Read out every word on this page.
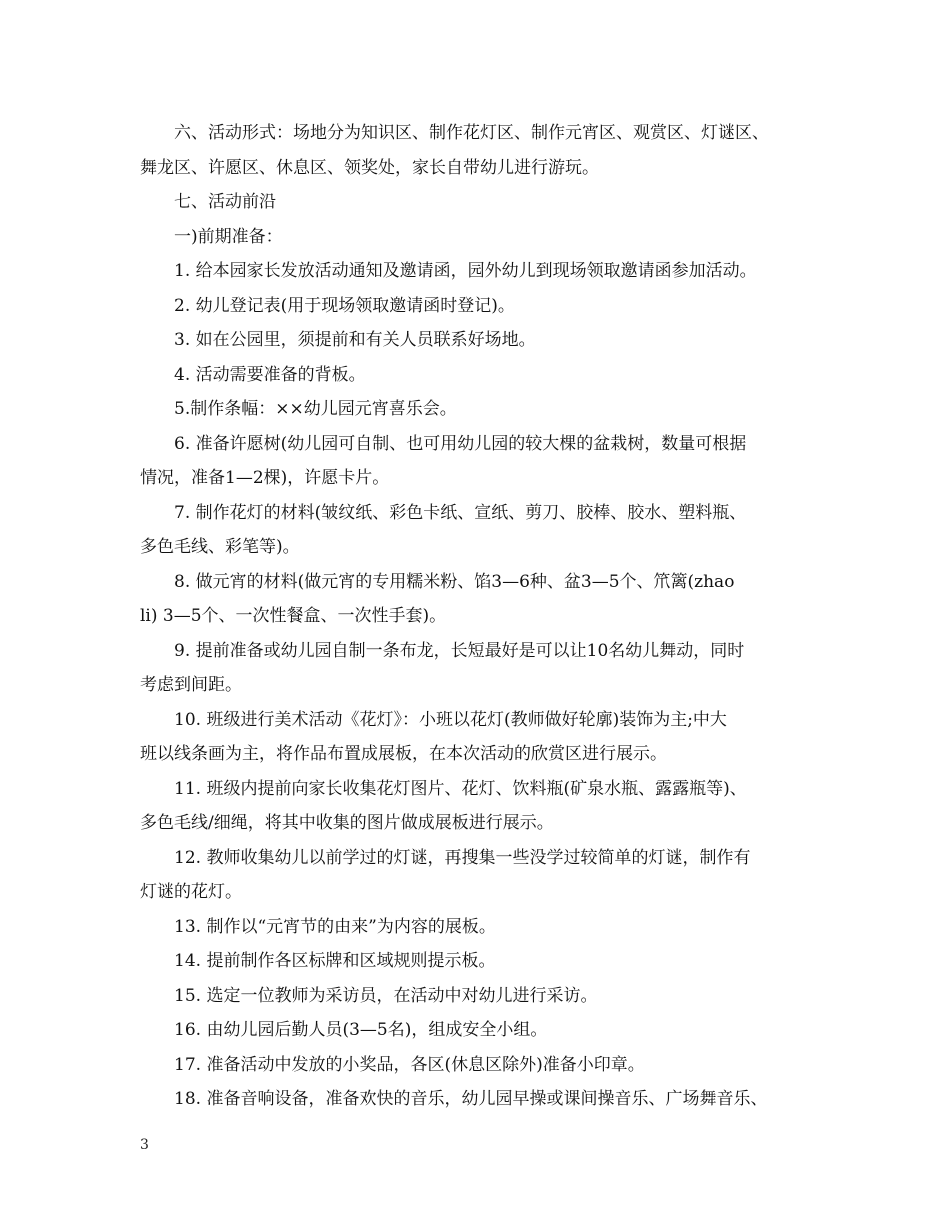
六、活动形式：场地分为知识区、制作花灯区、制作元宵区、观赏区、灯谜区、
舞龙区、许愿区、休息区、领奖处，家长自带幼儿进行游玩。
七、活动前沿
一)前期准备：
1. 给本园家长发放活动通知及邀请函，园外幼儿到现场领取邀请函参加活动。
2. 幼儿登记表(用于现场领取邀请函时登记)。
3. 如在公园里，须提前和有关人员联系好场地。
4. 活动需要准备的背板。
5.制作条幅：××幼儿园元宵喜乐会。
6. 准备许愿树(幼儿园可自制、也可用幼儿园的较大棵的盆栽树，数量可根据
情况，准备1—2棵)，许愿卡片。
7. 制作花灯的材料(皱纹纸、彩色卡纸、宣纸、剪刀、胶棒、胶水、塑料瓶、
多色毛线、彩笔等)。
8. 做元宵的材料(做元宵的专用糯米粉、馅3—6种、盆3—5个、笊篱(zhao
li) 3—5个、一次性餐盒、一次性手套)。
9. 提前准备或幼儿园自制一条布龙，长短最好是可以让10名幼儿舞动，同时
考虑到间距。
10. 班级进行美术活动《花灯》：小班以花灯(教师做好轮廓)装饰为主;中大
班以线条画为主，将作品布置成展板，在本次活动的欣赏区进行展示。
11. 班级内提前向家长收集花灯图片、花灯、饮料瓶(矿泉水瓶、露露瓶等)、
多色毛线/细绳，将其中收集的图片做成展板进行展示。
12. 教师收集幼儿以前学过的灯谜，再搜集一些没学过较简单的灯谜，制作有
灯谜的花灯。
13. 制作以“元宵节的由来”为内容的展板。
14. 提前制作各区标牌和区域规则提示板。
15. 选定一位教师为采访员，在活动中对幼儿进行采访。
16. 由幼儿园后勤人员(3—5名)，组成安全小组。
17. 准备活动中发放的小奖品，各区(休息区除外)准备小印章。
18. 准备音响设备，准备欢快的音乐，幼儿园早操或课间操音乐、广场舞音乐、
3
